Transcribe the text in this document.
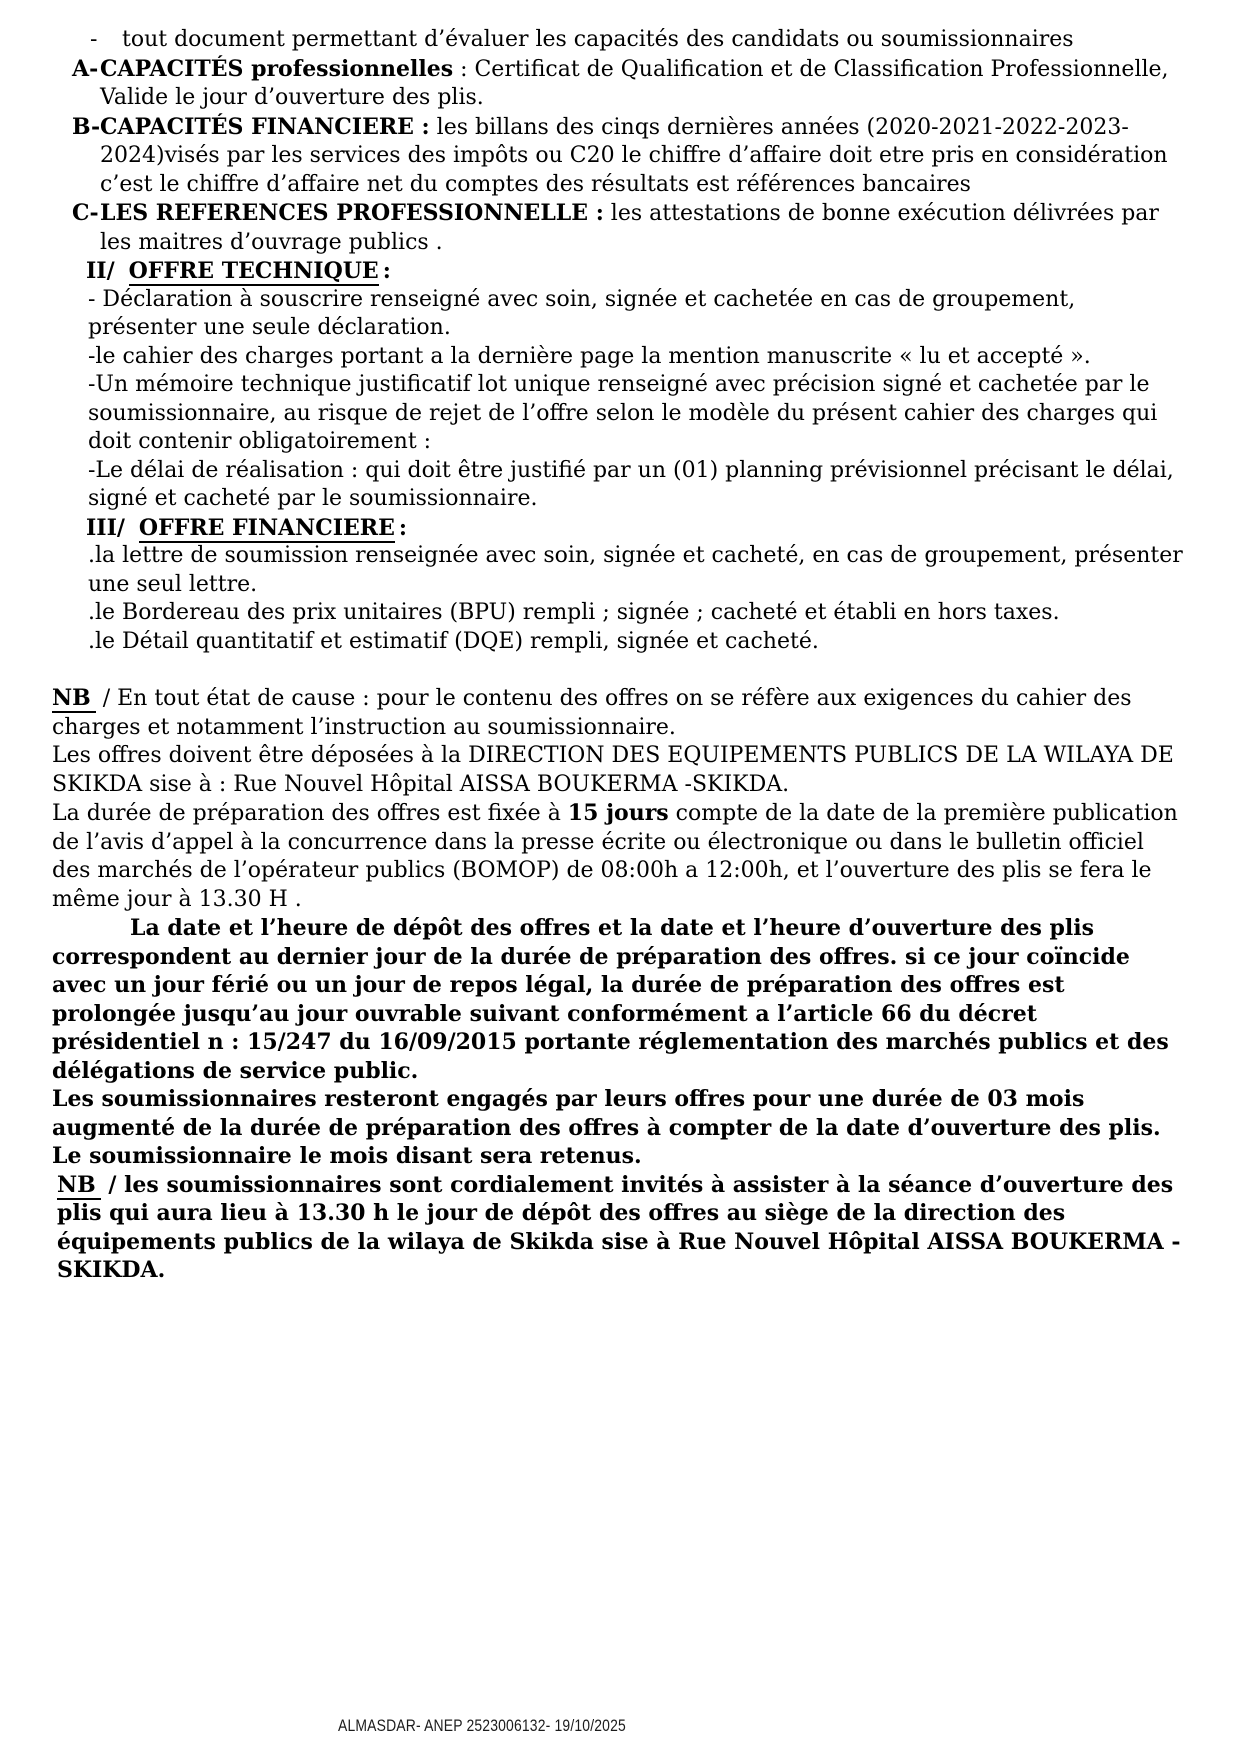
- tout document permettant d’évaluer les capacités des candidats ou soumissionnaires

A- CAPACITÉS professionnelles : Certificat de Qualification et de Classification Professionnelle, Valide le jour d’ouverture des plis.

B- CAPACITÉS FINANCIERE : les billans des cinqs dernières années (2020-2021-2022-2023-2024)visés par les services des impôts ou C20 le chiffre d’affaire doit etre pris en considération c’est le chiffre d’affaire net du comptes des résultats est références bancaires

C- LES REFERENCES PROFESSIONNELLE : les attestations de bonne exécution délivrées par les maitres d’ouvrage publics .

II/ OFFRE TECHNIQUE :

- Déclaration à souscrire renseigné avec soin, signée et cachetée en cas de groupement, présenter une seule déclaration.

-le cahier des charges portant a la dernière page la mention manuscrite « lu et accepté ».

-Un mémoire technique justificatif lot unique renseigné avec précision signé et cachetée par le soumissionnaire, au risque de rejet de l’offre selon le modèle du présent cahier des charges qui doit contenir obligatoirement :

-Le délai de réalisation : qui doit être justifié par un (01) planning prévisionnel précisant le délai, signé et cacheté par le soumissionnaire.

III/ OFFRE FINANCIERE :

.la lettre de soumission renseignée avec soin, signée et cacheté, en cas de groupement, présenter une seul lettre.

.le Bordereau des prix unitaires (BPU) rempli ; signée ; cacheté et établi en hors taxes.

.le Détail quantitatif et estimatif (DQE) rempli, signée et cacheté.

NB / En tout état de cause : pour le contenu des offres on se réfère aux exigences du cahier des charges et notamment l’instruction au soumissionnaire.

Les offres doivent être déposées à la DIRECTION DES EQUIPEMENTS PUBLICS DE LA WILAYA DE SKIKDA sise à : Rue Nouvel Hôpital AISSA BOUKERMA -SKIKDA.

La durée de préparation des offres est fixée à 15 jours compte de la date de la première publication de l’avis d’appel à la concurrence dans la presse écrite ou électronique ou dans le bulletin officiel des marchés de l’opérateur publics (BOMOP) de 08:00h a 12:00h, et l’ouverture des plis se fera le même jour à 13.30 H .

La date et l’heure de dépôt des offres et la date et l’heure d’ouverture des plis correspondent au dernier jour de la durée de préparation des offres. si ce jour coïncide avec un jour férié ou un jour de repos légal, la durée de préparation des offres est prolongée jusqu’au jour ouvrable suivant conformément a l’article 66 du décret présidentiel n : 15/247 du 16/09/2015 portante réglementation des marchés publics et des délégations de service public.

Les soumissionnaires resteront engagés par leurs offres pour une durée de 03 mois augmenté de la durée de préparation des offres à compter de la date d’ouverture des plis.

Le soumissionnaire le mois disant sera retenus.

NB / les soumissionnaires sont cordialement invités à assister à la séance d’ouverture des plis qui aura lieu à 13.30 h le jour de dépôt des offres au siège de la direction des équipements publics de la wilaya de Skikda sise à Rue Nouvel Hôpital AISSA BOUKERMA - SKIKDA.

ALMASDAR- ANEP 2523006132- 19/10/2025
